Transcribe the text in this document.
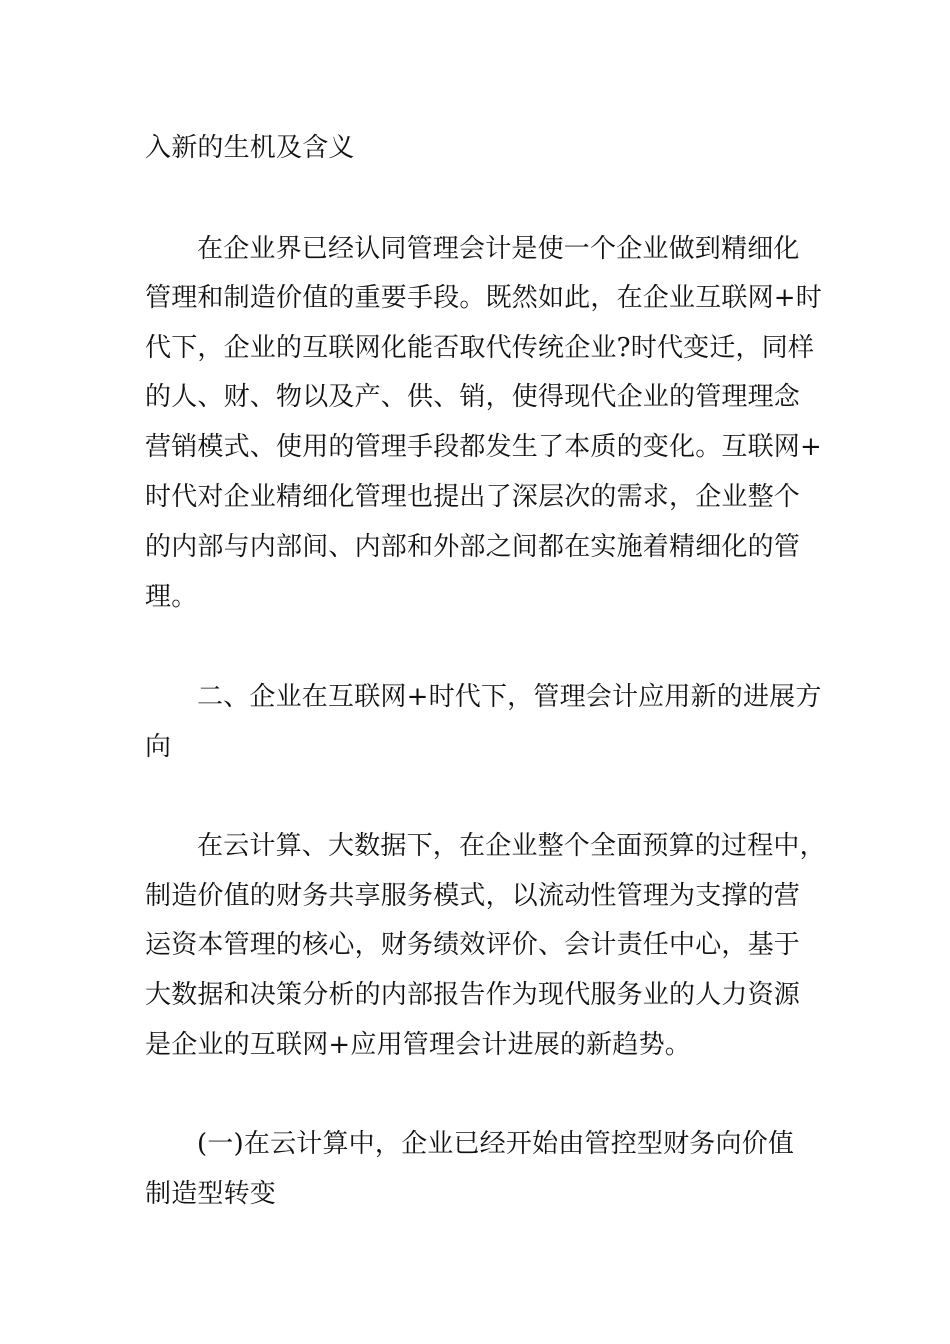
入新的生机及含义
在企业界已经认同管理会计是使一个企业做到精细化
管理和制造价值的重要手段。既然如此，在企业互联网+时
代下，企业的互联网化能否取代传统企业?时代变迁，同样
的人、财、物以及产、供、销，使得现代企业的管理理念
营销模式、使用的管理手段都发生了本质的变化。互联网+
时代对企业精细化管理也提出了深层次的需求，企业整个
的内部与内部间、内部和外部之间都在实施着精细化的管
理。
二、企业在互联网+时代下，管理会计应用新的进展方
向
在云计算、大数据下，在企业整个全面预算的过程中，
制造价值的财务共享服务模式，以流动性管理为支撑的营
运资本管理的核心，财务绩效评价、会计责任中心，基于
大数据和决策分析的内部报告作为现代服务业的人力资源
是企业的互联网+应用管理会计进展的新趋势。
(一)在云计算中，企业已经开始由管控型财务向价值
制造型转变
